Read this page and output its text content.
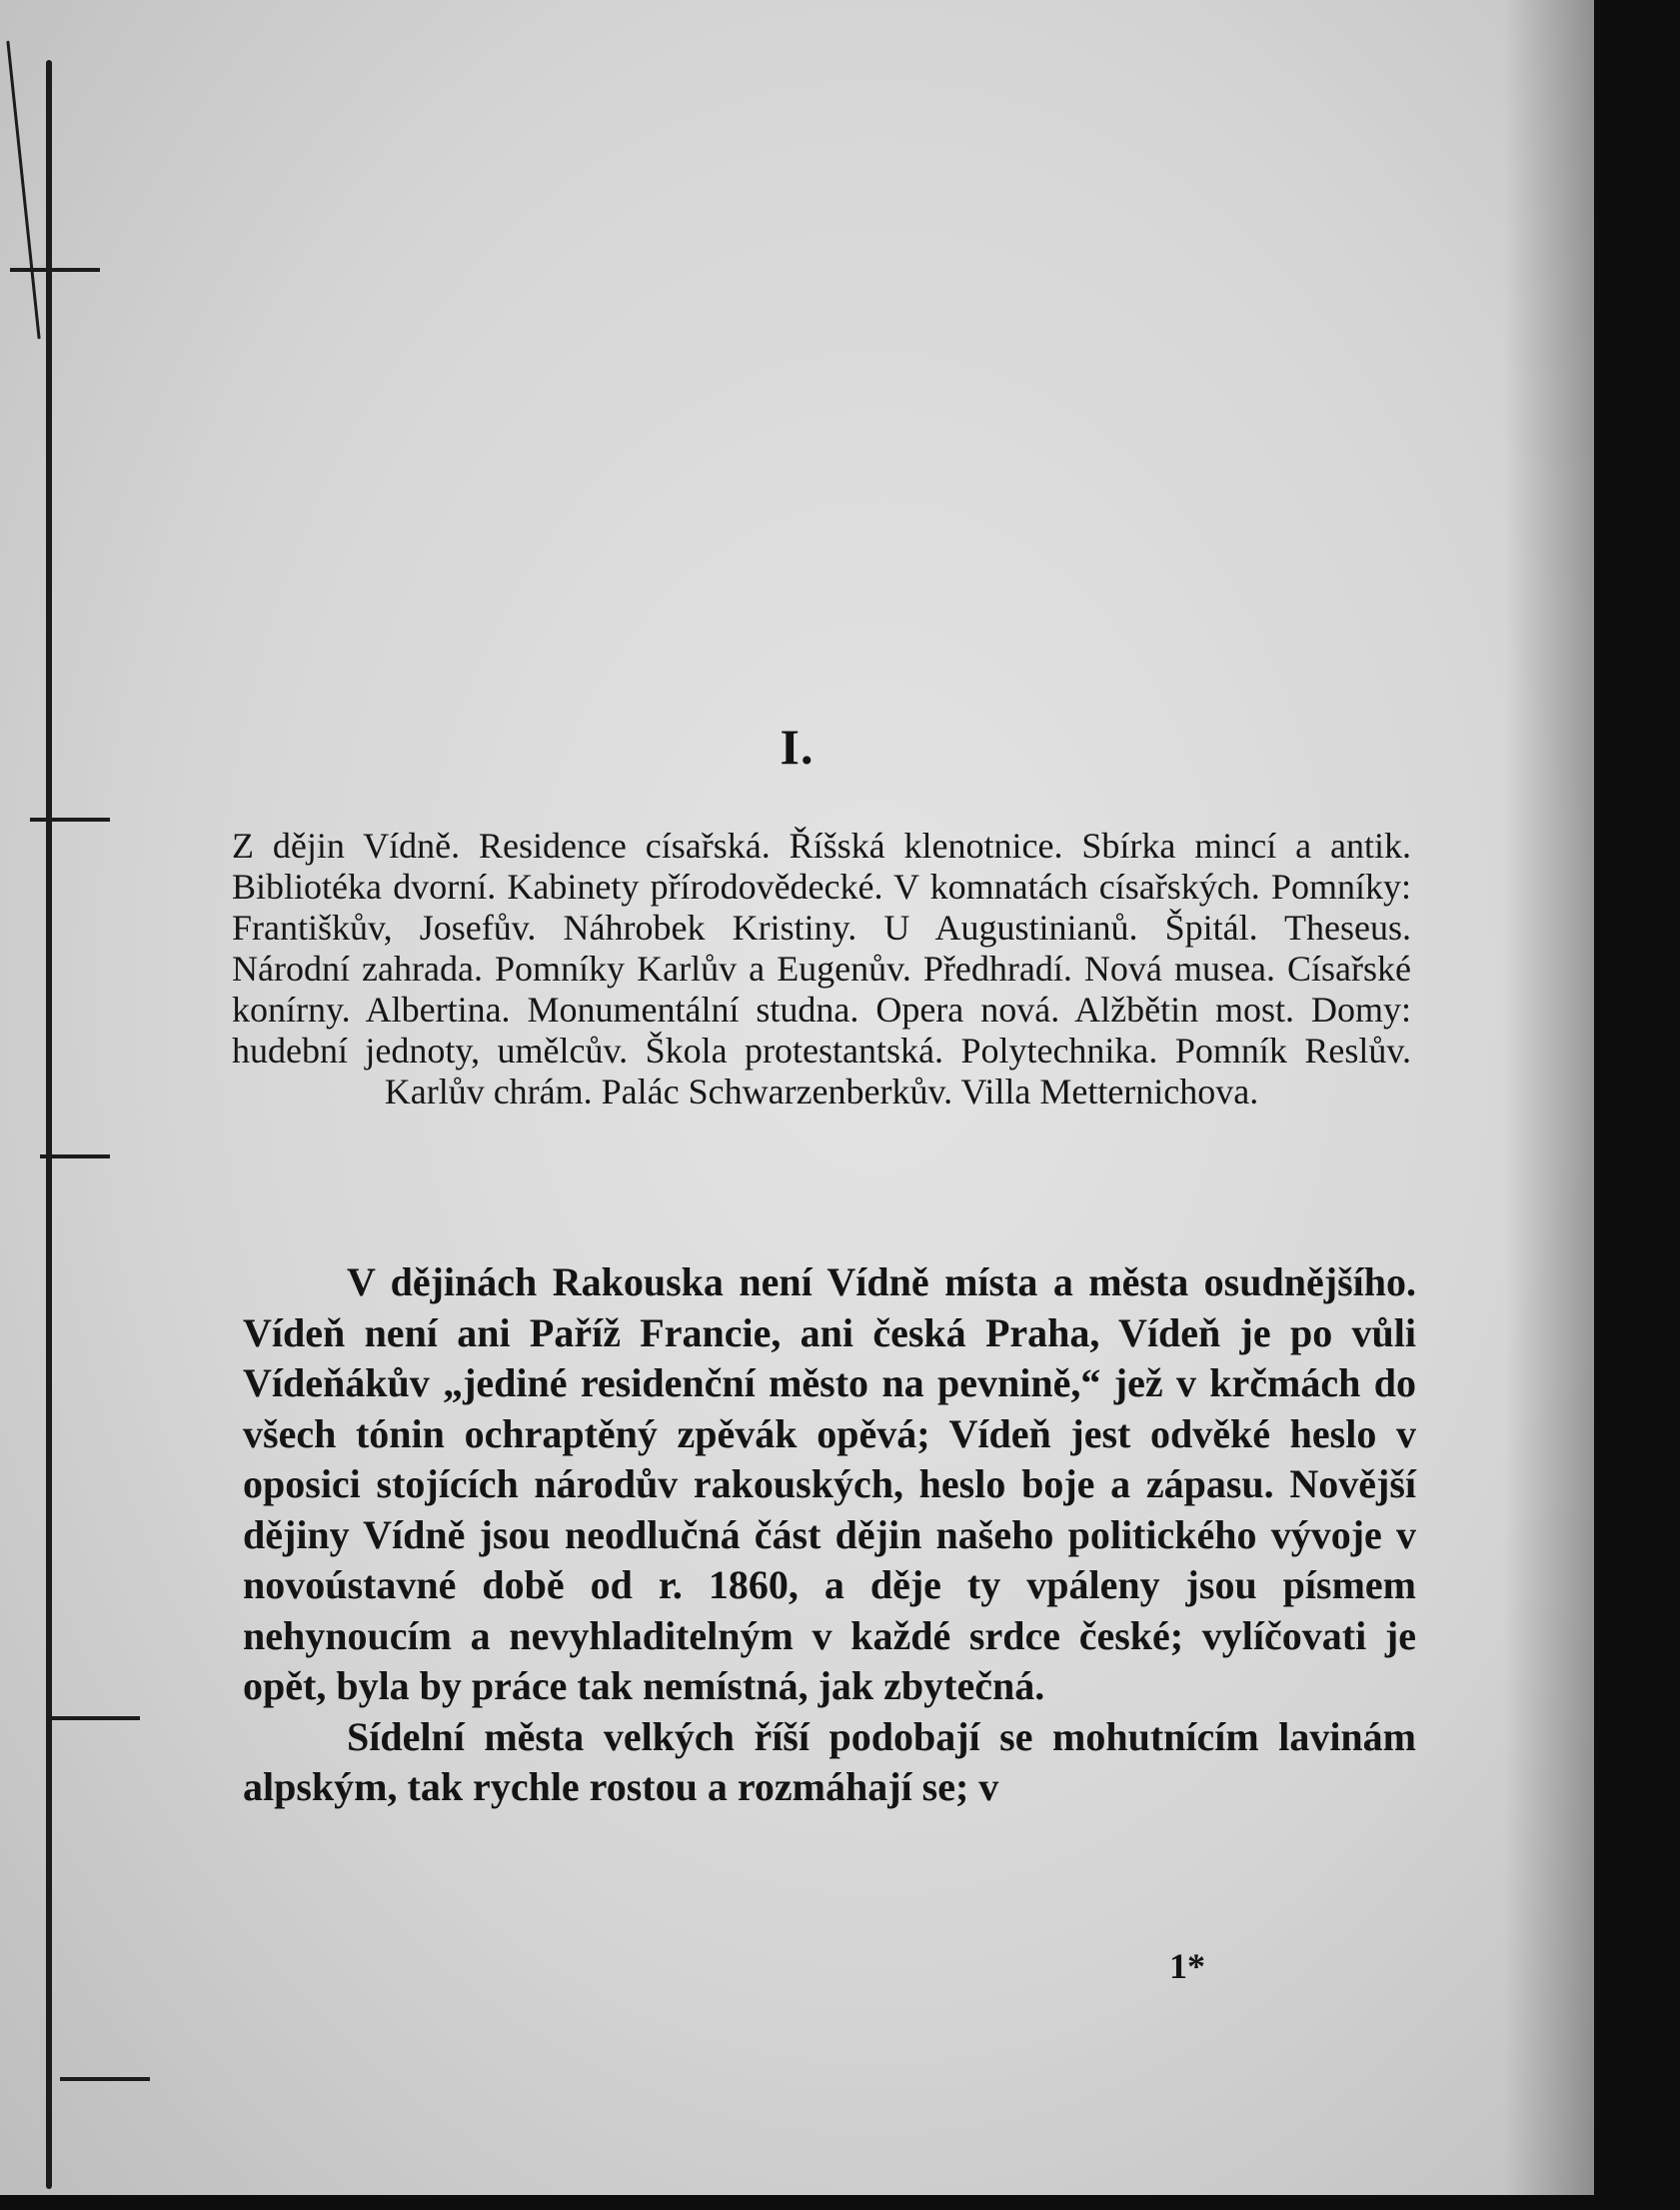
I.
Z dějin Vídně. Residence císařská. Říšská klenotnice. Sbírka mincí a antik. Bibliotéka dvorní. Kabinety přírodovědecké. V komnatách císařských. Pomníky: Františkův, Josefův. Náhrobek Kristiny. U Augustinianů. Špitál. Theseus. Národní zahrada. Pomníky Karlův a Eugenův. Předhradí. Nová musea. Císařské konírny. Albertina. Monumentální studna. Opera nová. Alžbětin most. Domy: hudební jednoty, umělcův. Škola protestantská. Polytechnika. Pomník Reslův. Karlův chrám. Palác Schwarzenberkův. Villa Metternichova.

V dějinách Rakouska není Vídně místa a města osudnějšího. Vídeň není ani Paříž Francie, ani česká Praha, Vídeň je po vůli Vídeňákův „jediné residenční město na pevnině,“ jež v krčmách do všech tónin ochraptěný zpěvák opěvá; Vídeň jest odvěké heslo v oposici stojících národův rakouských, heslo boje a zápasu. Novější dějiny Vídně jsou neodlučná část dějin našeho politického vývoje v novoústavné době od r. 1860, a děje ty vpáleny jsou písmem nehynoucím a nevyhladitelným v každé srdce české; vylíčovati je opět, byla by práce tak nemístná, jak zbytečná.

Sídelní města velkých říší podobají se mohutnícím lavinám alpským, tak rychle rostou a rozmáhají se; v

1*
